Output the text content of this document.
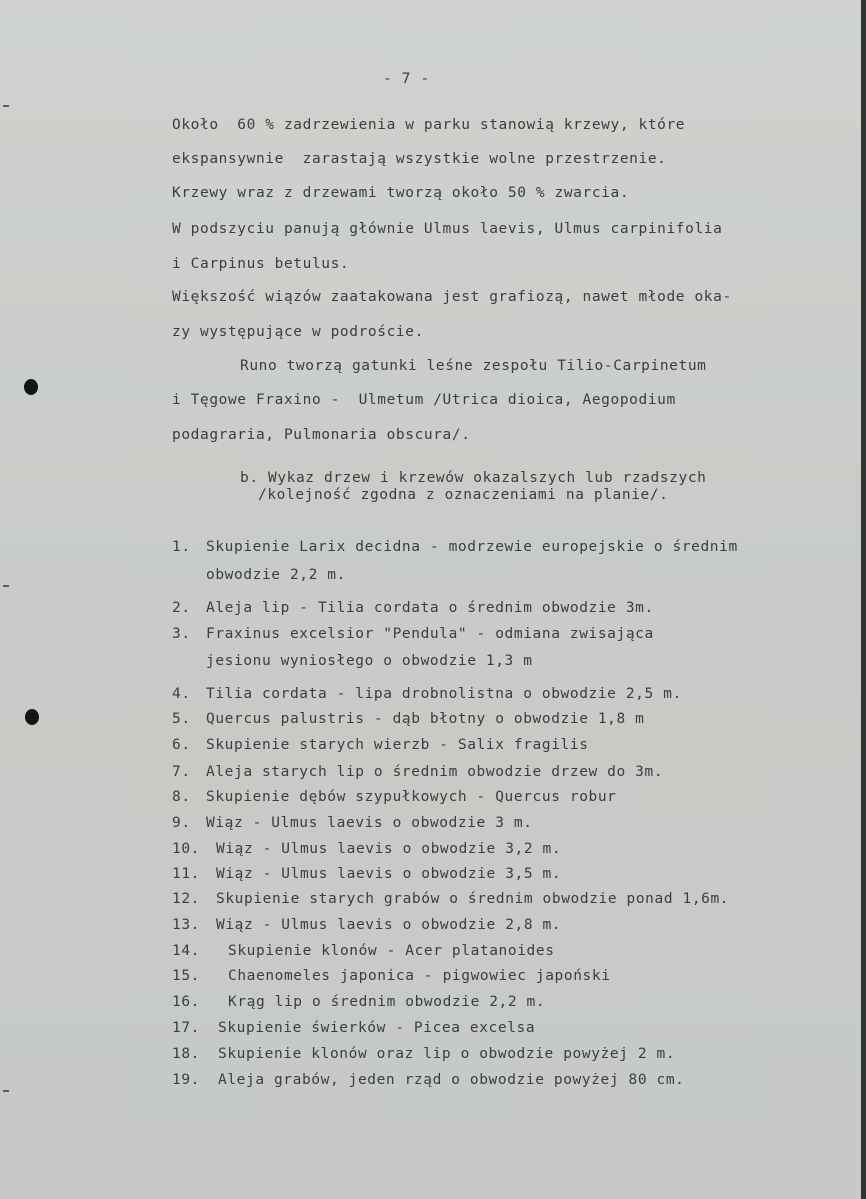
- 7 -
Około  60 % zadrzewienia w parku stanowią krzewy, które
ekspansywnie  zarastają wszystkie wolne przestrzenie.
Krzewy wraz z drzewami tworzą około 50 % zwarcia.
W podszyciu panują głównie Ulmus laevis, Ulmus carpinifolia
i Carpinus betulus.
Większość wiązów zaatakowana jest grafiozą, nawet młode oka-
zy występujące w podroście.
Runo tworzą gatunki leśne zespołu Tilio-Carpinetum
i Tęgowe Fraxino -  Ulmetum /Utrica dioica, Aegopodium
podagraria, Pulmonaria obscura/.
b. Wykaz drzew i krzewów okazalszych lub rzadszych
/kolejność zgodna z oznaczeniami na planie/.
1. Skupienie Larix decidna - modrzewie europejskie o średnim
obwodzie 2,2 m.
2. Aleja lip - Tilia cordata o średnim obwodzie 3m.
3. Fraxinus excelsior "Pendula" - odmiana zwisająca
jesionu wyniosłego o obwodzie 1,3 m
4. Tilia cordata - lipa drobnolistna o obwodzie 2,5 m.
5. Quercus palustris - dąb błotny o obwodzie 1,8 m
6. Skupienie starych wierzb - Salix fragilis
7. Aleja starych lip o średnim obwodzie drzew do 3m.
8. Skupienie dębów szypułkowych - Quercus robur
9. Wiąz - Ulmus laevis o obwodzie 3 m.
10. Wiąz - Ulmus laevis o obwodzie 3,2 m.
11. Wiąz - Ulmus laevis o obwodzie 3,5 m.
12. Skupienie starych grabów o średnim obwodzie ponad 1,6m.
13. Wiąz - Ulmus laevis o obwodzie 2,8 m.
14. Skupienie klonów - Acer platanoides
15. Chaenomeles japonica - pigwowiec japoński
16. Krąg lip o średnim obwodzie 2,2 m.
17. Skupienie świerków - Picea excelsa
18. Skupienie klonów oraz lip o obwodzie powyżej 2 m.
19. Aleja grabów, jeden rząd o obwodzie powyżej 80 cm.
